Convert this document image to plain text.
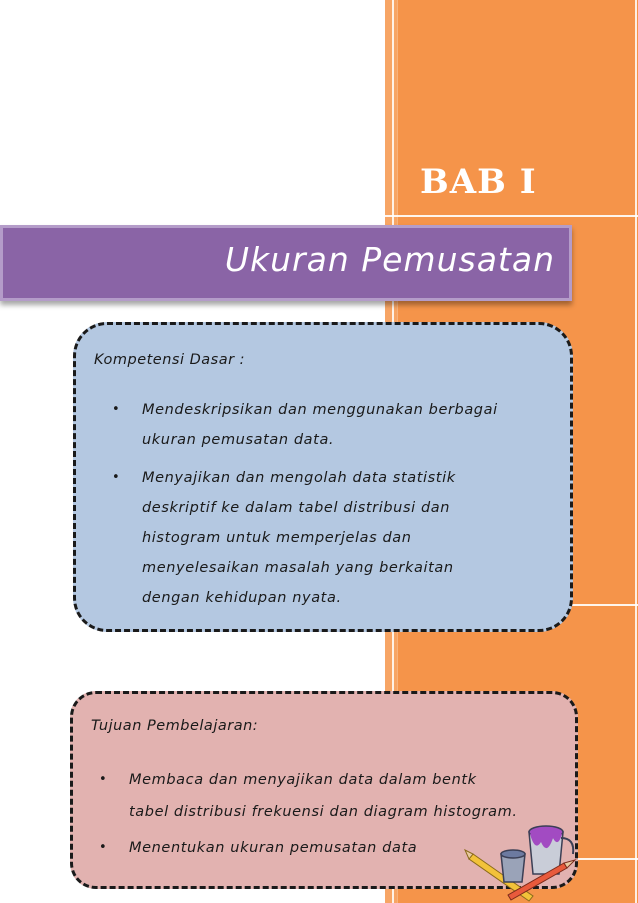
BAB I
Ukuran Pemusatan
Kompetensi Dasar :
• Mendeskripsikan dan menggunakan berbagai
ukuran pemusatan data.
• Menyajikan dan mengolah data statistik
deskriptif ke dalam tabel distribusi dan
histogram untuk memperjelas dan
menyelesaikan masalah yang berkaitan
dengan kehidupan nyata.
Tujuan Pembelajaran:
• Membaca dan menyajikan data dalam bentk
tabel distribusi frekuensi dan diagram histogram.
• Menentukan ukuran pemusatan data
